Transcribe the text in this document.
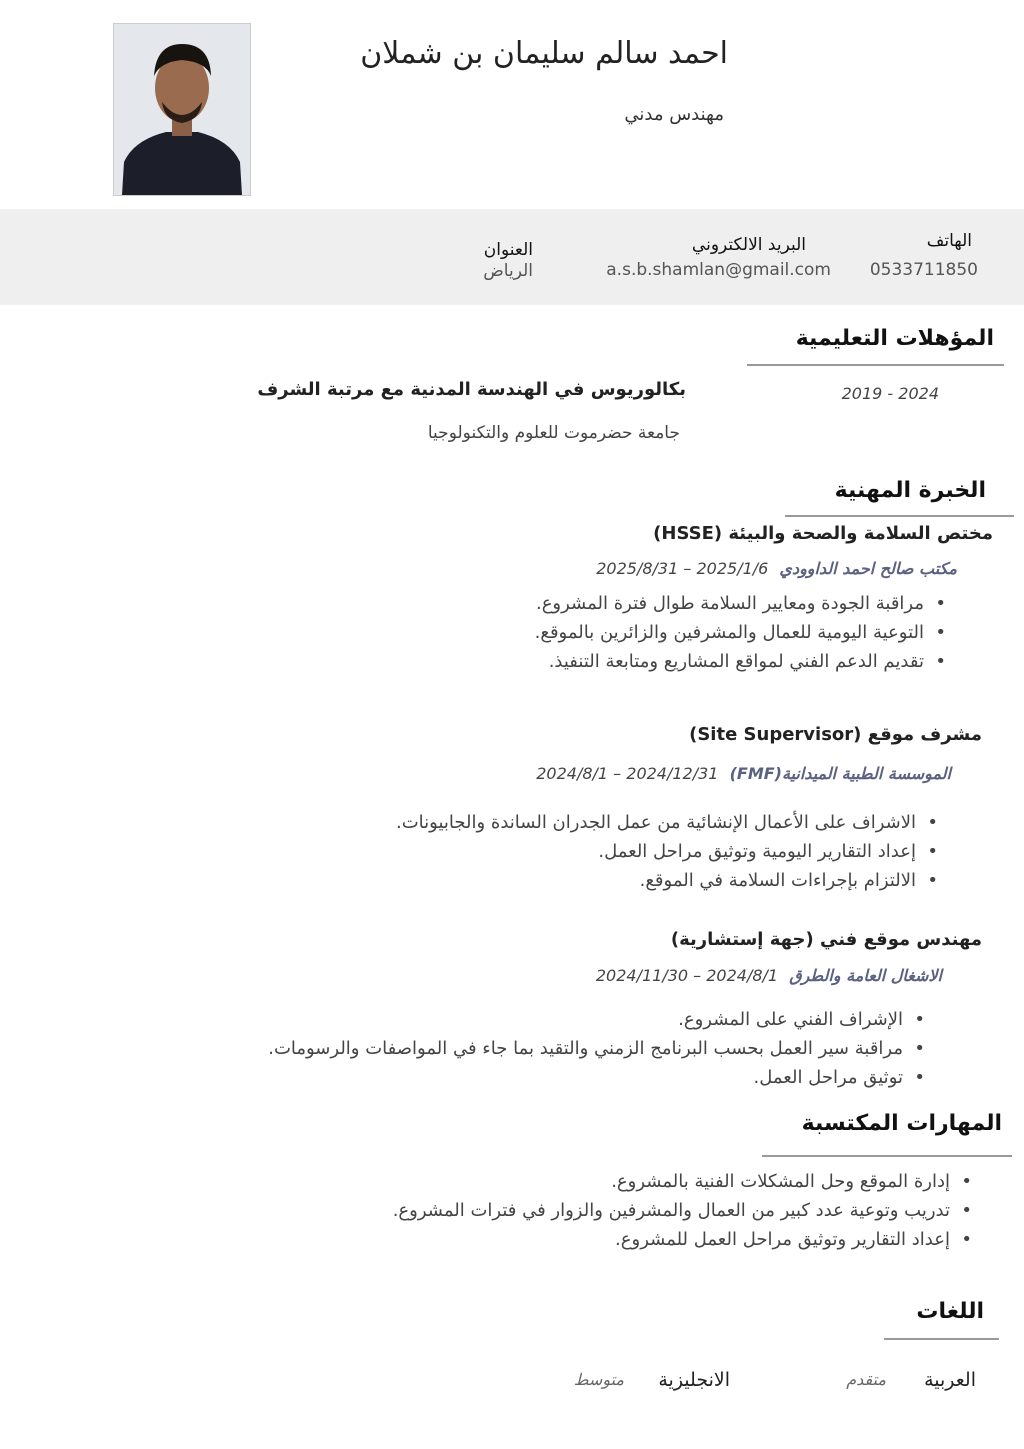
احمد سالم سليمان بن شملان
مهندس مدني
الهاتف
0533711850
البريد الالكتروني
a.s.b.shamlan@gmail.com
العنوان
الرياض
المؤهلات التعليمية
2019 - 2024
بكالوريوس في الهندسة المدنية مع مرتبة الشرف
جامعة حضرموت للعلوم والتكنولوجيا
الخبرة المهنية
مختص السلامة والصحة والبيئة (HSSE)
مكتب صالح احمد الداوودي 2025/1/6 – 2025/8/31
• مراقبة الجودة ومعايير السلامة طوال فترة المشروع.
• التوعية اليومية للعمال والمشرفين والزائرين بالموقع.
• تقديم الدعم الفني لمواقع المشاريع ومتابعة التنفيذ.
مشرف موقع (Site Supervisor)
الموسسة الطبية الميدانية(FMF) 2024/8/1 – 2024/12/31
• الاشراف على الأعمال الإنشائية من عمل الجدران الساندة والجابيونات.
• إعداد التقارير اليومية وتوثيق مراحل العمل.
• الالتزام بإجراءات السلامة في الموقع.
مهندس موقع فني (جهة إستشارية)
الاشغال العامة والطرق 2024/8/1 – 2024/11/30
• الإشراف الفني على المشروع.
• مراقبة سير العمل بحسب البرنامج الزمني والتقيد بما جاء في المواصفات والرسومات.
• توثيق مراحل العمل.
المهارات المكتسبة
• إدارة الموقع وحل المشكلات الفنية بالمشروع.
• تدريب وتوعية عدد كبير من العمال والمشرفين والزوار في فترات المشروع.
• إعداد التقارير وتوثيق مراحل العمل للمشروع.
اللغات
العربية
متقدم
الانجليزية
متوسط
